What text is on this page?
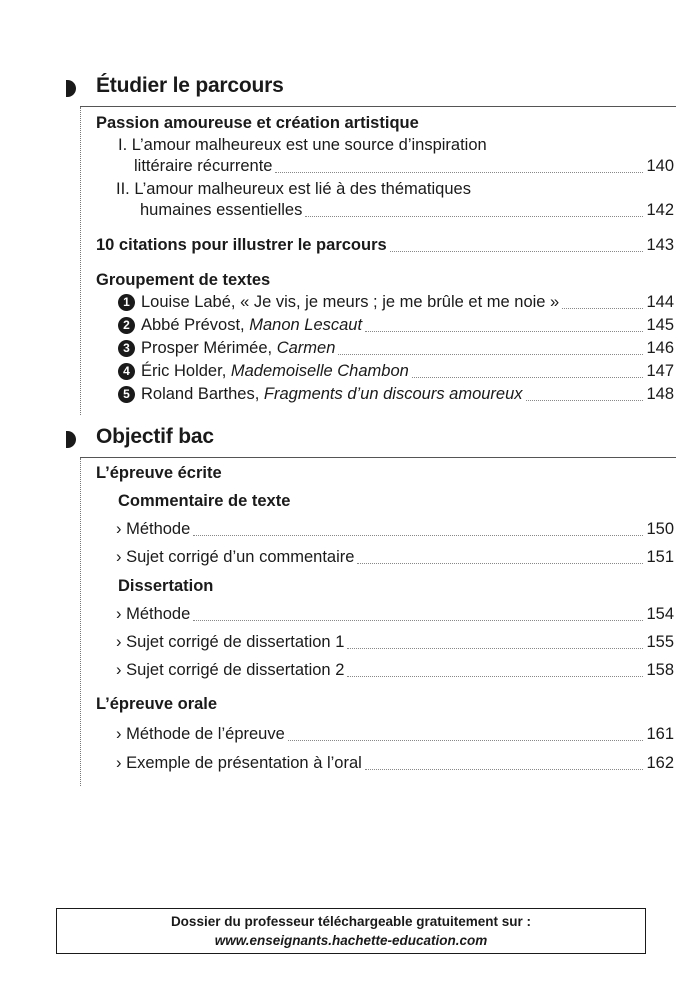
Étudier le parcours
Passion amoureuse et création artistique
I. L’amour malheureux est une source d’inspiration
littéraire récurrente	140
II. L’amour malheureux est lié à des thématiques
humaines essentielles	142
10 citations pour illustrer le parcours	143
Groupement de textes
1 Louise Labé, « Je vis, je meurs ; je me brûle et me noie »	144
2 Abbé Prévost, Manon Lescaut	145
3 Prosper Mérimée, Carmen	146
4 Éric Holder, Mademoiselle Chambon	147
5 Roland Barthes, Fragments d’un discours amoureux	148
Objectif bac
L’épreuve écrite
Commentaire de texte
› Méthode	150
› Sujet corrigé d’un commentaire	151
Dissertation
› Méthode	154
› Sujet corrigé de dissertation 1	155
› Sujet corrigé de dissertation 2	158
L’épreuve orale
› Méthode de l’épreuve	161
› Exemple de présentation à l’oral	162
Dossier du professeur téléchargeable gratuitement sur :
www.enseignants.hachette-education.com
